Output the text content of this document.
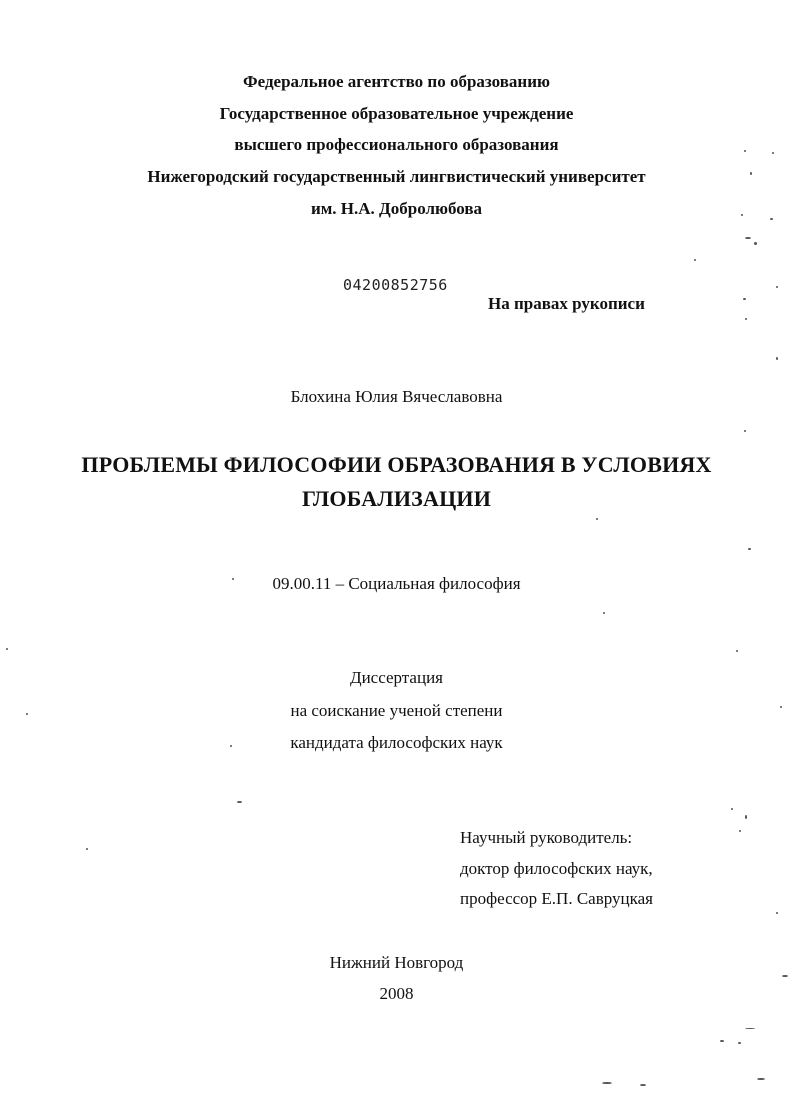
Федеральное агентство по образованию
Государственное образовательное учреждение
высшего профессионального образования
Нижегородский государственный лингвистический университет
им. Н.А. Добролюбова
04200852756
На правах рукописи
Блохина Юлия Вячеславовна
ПРОБЛЕМЫ ФИЛОСОФИИ ОБРАЗОВАНИЯ В УСЛОВИЯХ
ГЛОБАЛИЗАЦИИ
09.00.11 – Социальная философия
Диссертация
на соискание ученой степени
кандидата философских наук
Научный руководитель:
доктор философских наук,
профессор Е.П. Савруцкая
Нижний Новгород
2008
